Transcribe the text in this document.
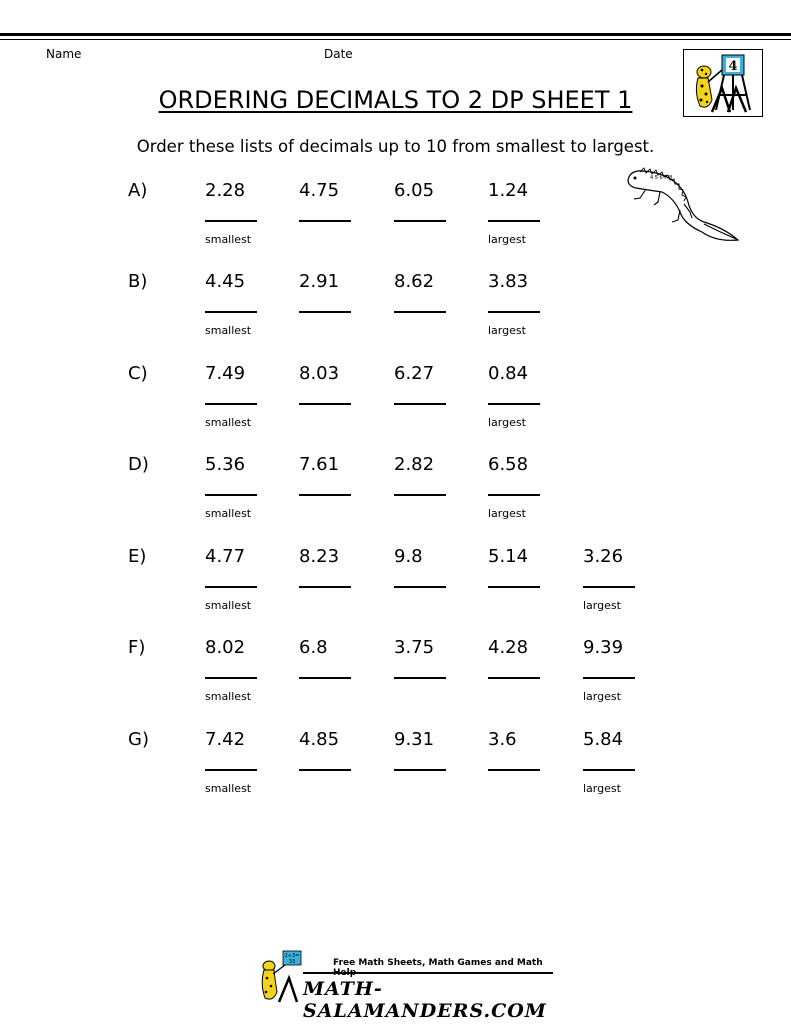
Name	Date
4
ORDERING DECIMALS TO 2 DP SHEET 1
Order these lists of decimals up to 10 from smallest to largest.
4 5 6 7 8
A)	2.28	4.75	6.05	1.24
smallest	largest
B)	4.45	2.91	8.62	3.83
smallest	largest
C)	7.49	8.03	6.27	0.84
smallest	largest
D)	5.36	7.61	2.82	6.58
smallest	largest
E)	4.77	8.23	9.8	5.14	3.26
smallest	largest
F)	8.02	6.8	3.75	4.28	9.39
smallest	largest
G)	7.42	4.85	9.31	3.6	5.84
smallest	largest
2+3=
33	Free Math Sheets, Math Games and Math
MATH-SALAMANDERS.COM
